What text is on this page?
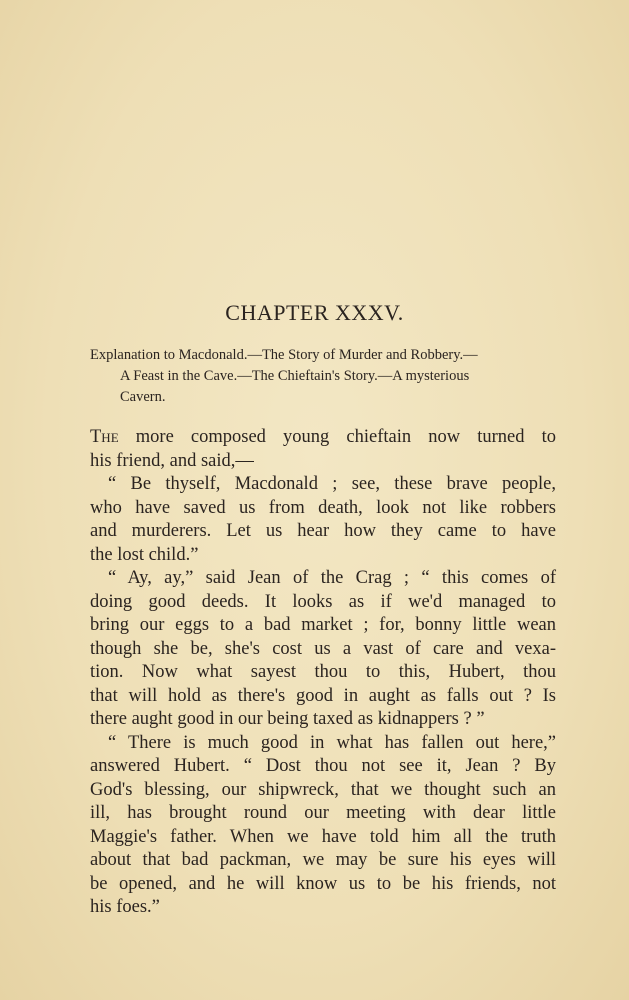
CHAPTER XXXV.
Explanation to Macdonald.—The Story of Murder and Robbery.—
A Feast in the Cave.—The Chieftain's Story.—A mysterious
Cavern.
The more composed young chieftain now turned to
his friend, and said,—
“ Be thyself, Macdonald ; see, these brave people,
who have saved us from death, look not like robbers
and murderers. Let us hear how they came to have
the lost child.”
“ Ay, ay,” said Jean of the Crag ; “ this comes of
doing good deeds. It looks as if we'd managed to
bring our eggs to a bad market ; for, bonny little wean
though she be, she's cost us a vast of care and vexa-
tion. Now what sayest thou to this, Hubert, thou
that will hold as there's good in aught as falls out ? Is
there aught good in our being taxed as kidnappers ? ”
“ There is much good in what has fallen out here,”
answered Hubert. “ Dost thou not see it, Jean ? By
God's blessing, our shipwreck, that we thought such an
ill, has brought round our meeting with dear little
Maggie's father. When we have told him all the truth
about that bad packman, we may be sure his eyes will
be opened, and he will know us to be his friends, not
his foes.”
